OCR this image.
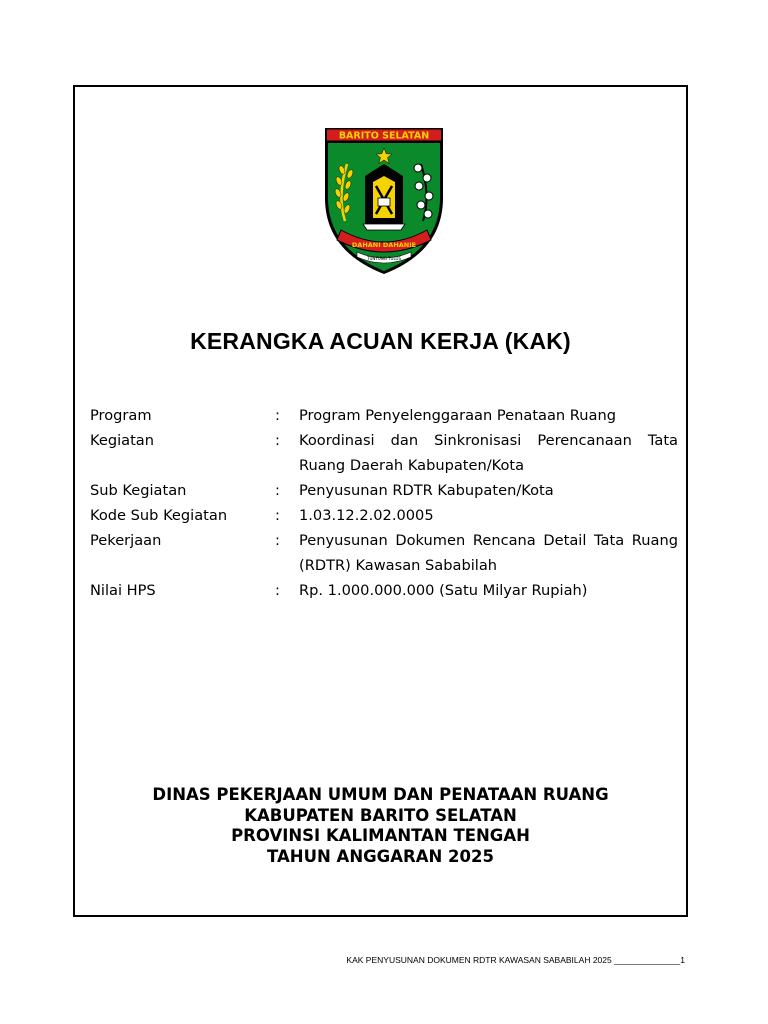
BARITO SELATAN
DAHANI DAHANIE
TUNTUNG TULUS
KERANGKA ACUAN KERJA (KAK)
Program	:	Program Penyelenggaraan Penataan Ruang
Kegiatan	:	Koordinasi dan Sinkronisasi Perencanaan Tata Ruang Daerah Kabupaten/Kota
Sub Kegiatan	:	Penyusunan RDTR Kabupaten/Kota
Kode Sub Kegiatan	:	1.03.12.2.02.0005
Pekerjaan	:	Penyusunan Dokumen Rencana Detail Tata Ruang (RDTR) Kawasan Sababilah
Nilai HPS	:	Rp. 1.000.000.000 (Satu Milyar Rupiah)
DINAS PEKERJAAN UMUM DAN PENATAAN RUANG
KABUPATEN BARITO SELATAN
PROVINSI KALIMANTAN TENGAH
TAHUN ANGGARAN 2025
KAK PENYUSUNAN DOKUMEN RDTR KAWASAN SABABILAH 2025 ______________1
